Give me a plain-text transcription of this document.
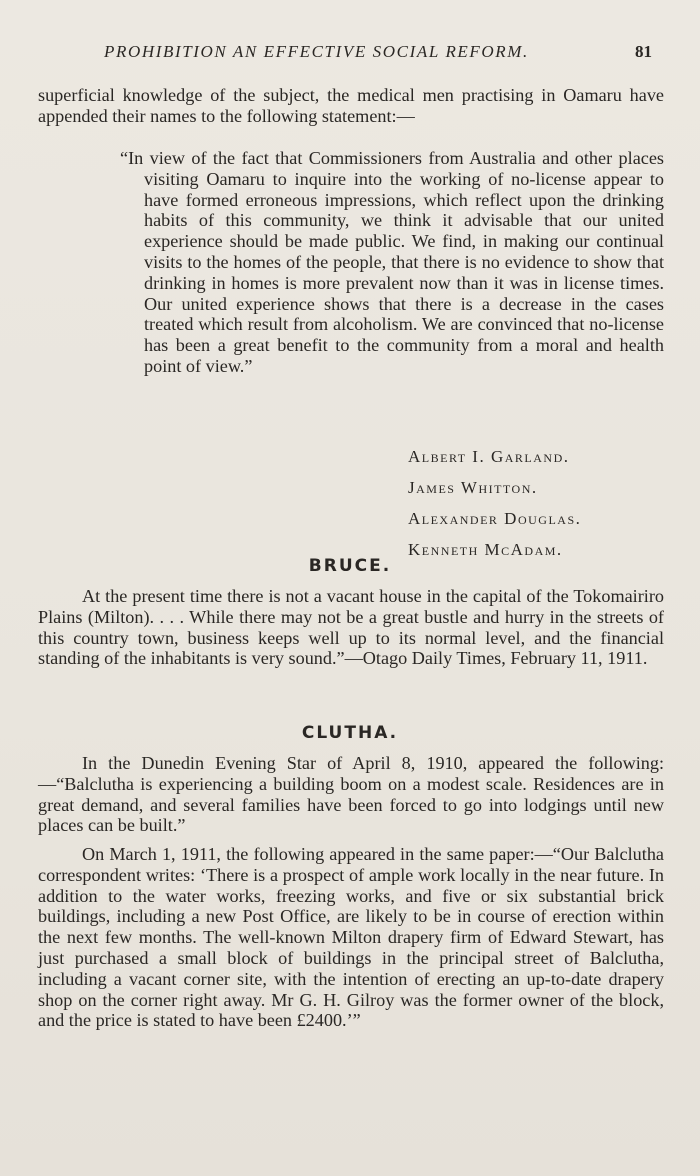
PROHIBITION AN EFFECTIVE SOCIAL REFORM.	81

superficial knowledge of the subject, the medical men practising in Oamaru have appended their names to the following statement:—

“In view of the fact that Commissioners from Australia and other places visiting Oamaru to inquire into the working of no-license appear to have formed erroneous impressions, which reflect upon the drinking habits of this community, we think it advisable that our united experience should be made public. We find, in making our continual visits to the homes of the people, that there is no evidence to show that drinking in homes is more prevalent now than it was in license times. Our united experience shows that there is a decrease in the cases treated which result from alcoholism. We are convinced that no-license has been a great benefit to the community from a moral and health point of view.”

Albert I. Garland.
James Whitton.
Alexander Douglas.
Kenneth McAdam.
BRUCE.

At the present time there is not a vacant house in the capital of the Tokomairiro Plains (Milton). . . . While there may not be a great bustle and hurry in the streets of this country town, business keeps well up to its normal level, and the financial standing of the inhabitants is very sound.”—Otago Daily Times, February 11, 1911.

CLUTHA.

In the Dunedin Evening Star of April 8, 1910, appeared the following:—“Balclutha is experiencing a building boom on a modest scale. Residences are in great demand, and several families have been forced to go into lodgings until new places can be built.”

On March 1, 1911, the following appeared in the same paper:—“Our Balclutha correspondent writes: ‘There is a prospect of ample work locally in the near future. In addition to the water works, freezing works, and five or six substantial brick buildings, including a new Post Office, are likely to be in course of erection within the next few months. The well-known Milton drapery firm of Edward Stewart, has just purchased a small block of buildings in the principal street of Balclutha, including a vacant corner site, with the intention of erecting an up-to-date drapery shop on the corner right away. Mr G. H. Gilroy was the former owner of the block, and the price is stated to have been £2400.’”
